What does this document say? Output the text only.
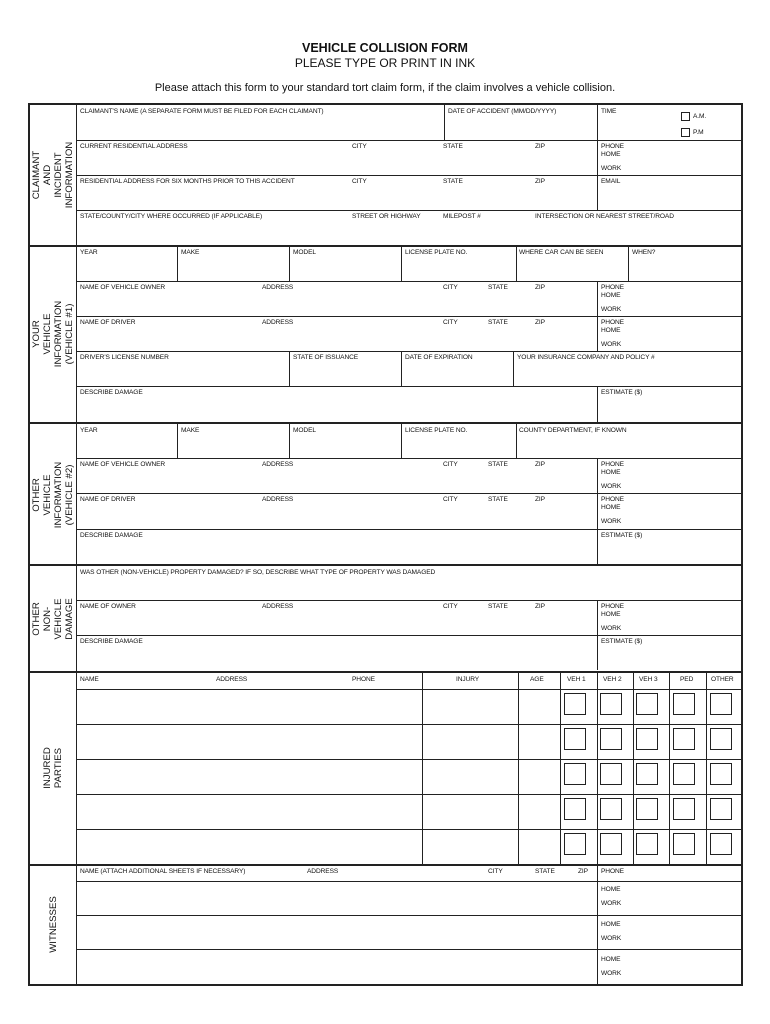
VEHICLE COLLISION FORM
PLEASE TYPE OR PRINT IN INK
Please attach this form to your standard tort claim form, if the claim involves a vehicle collision.
CLAIMANT AND INCIDENT INFORMATION
YOUR VEHICLE INFORMATION (VEHICLE #1)
OTHER VEHICLE INFORMATION (VEHICLE #2)
OTHER NON-VEHICLE DAMAGE
INJURED PARTIES
WITNESSES
CLAIMANT'S NAME (A SEPARATE FORM MUST BE FILED FOR EACH CLAIMANT)	DATE OF ACCIDENT (MM/DD/YYYY)	TIME
A.M.
P.M
CURRENT RESIDENTIAL ADDRESS	CITY	STATE	ZIP	PHONE
HOME
WORK
RESIDENTIAL ADDRESS FOR SIX MONTHS PRIOR TO THIS ACCIDENT	CITY	STATE	ZIP	EMAIL
STATE/COUNTY/CITY WHERE OCCURRED (IF APPLICABLE)	STREET OR HIGHWAY	MILEPOST #	INTERSECTION OR NEAREST STREET/ROAD
YEAR	MAKE	MODEL	LICENSE PLATE NO.	WHERE CAR CAN BE SEEN	WHEN?
NAME OF VEHICLE OWNER	ADDRESS	CITY	STATE	ZIP	PHONE
HOME
WORK
NAME OF DRIVER	ADDRESS	CITY	STATE	ZIP	PHONE
HOME
WORK
DRIVER'S LICENSE NUMBER	STATE OF ISSUANCE	DATE OF EXPIRATION	YOUR INSURANCE COMPANY AND POLICY #
DESCRIBE DAMAGE	ESTIMATE ($)
YEAR	MAKE	MODEL	LICENSE PLATE NO.	COUNTY DEPARTMENT, IF KNOWN
NAME OF VEHICLE OWNER	ADDRESS	CITY	STATE	ZIP	PHONE
HOME
WORK
NAME OF DRIVER	ADDRESS	CITY	STATE	ZIP	PHONE
HOME
WORK
DESCRIBE DAMAGE	ESTIMATE ($)
WAS OTHER (NON-VEHICLE) PROPERTY DAMAGED? IF SO, DESCRIBE WHAT TYPE OF PROPERTY WAS DAMAGED
NAME OF OWNER	ADDRESS	CITY	STATE	ZIP	PHONE
HOME
WORK
DESCRIBE DAMAGE	ESTIMATE ($)
NAME	ADDRESS	PHONE	INJURY	AGE	VEH 1	VEH 2	VEH 3	PED	OTHER
NAME (ATTACH ADDITIONAL SHEETS IF NECESSARY)	ADDRESS	CITY	STATE	ZIP PHONE
HOME
WORK
HOME
WORK
HOME
WORK
